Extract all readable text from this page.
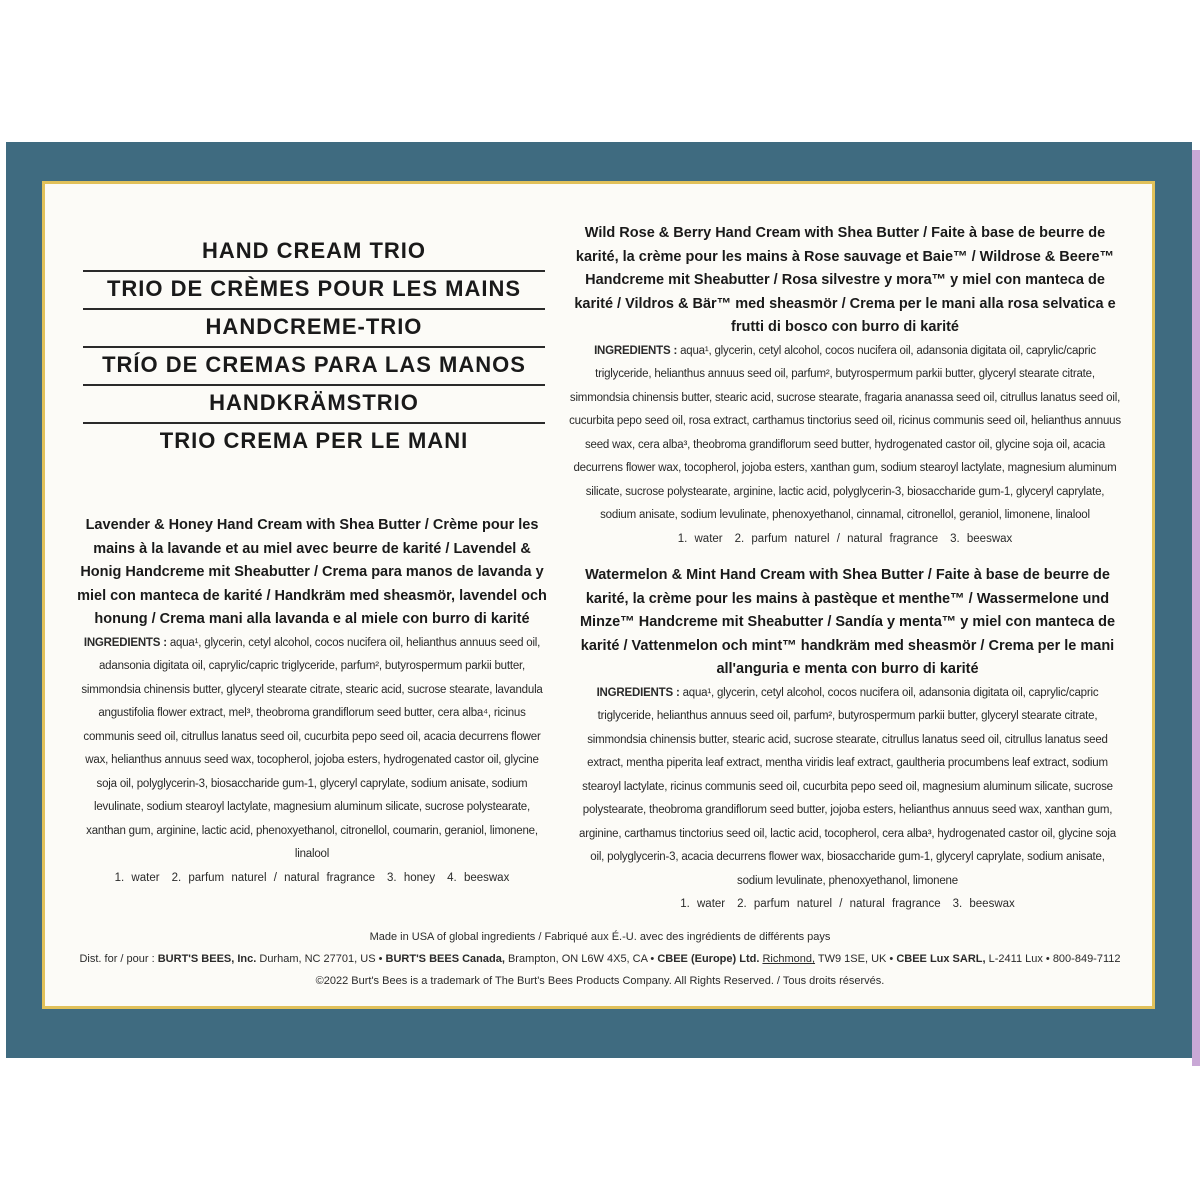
HAND CREAM TRIO
TRIO DE CRÈMES POUR LES MAINS
HANDCREME-TRIO
TRÍO DE CREMAS PARA LAS MANOS
HANDKRÄMSTRIO
TRIO CREMA PER LE MANI

Lavender & Honey Hand Cream with Shea Butter / Crème pour les mains à la lavande et au miel avec beurre de karité / Lavendel & Honig Handcreme mit Sheabutter / Crema para manos de lavanda y miel con manteca de karité / Handkräm med sheasmör, lavendel och honung / Crema mani alla lavanda e al miele con burro di karité

INGREDIENTS : aqua¹, glycerin, cetyl alcohol, cocos nucifera oil, helianthus annuus seed oil, adansonia digitata oil, caprylic/capric triglyceride, parfum², butyrospermum parkii butter, simmondsia chinensis butter, glyceryl stearate citrate, stearic acid, sucrose stearate, lavandula angustifolia flower extract, mel³, theobroma grandiflorum seed butter, cera alba⁴, ricinus communis seed oil, citrullus lanatus seed oil, cucurbita pepo seed oil, acacia decurrens flower wax, helianthus annuus seed wax, tocopherol, jojoba esters, hydrogenated castor oil, glycine soja oil, polyglycerin-3, biosaccharide gum-1, glyceryl caprylate, sodium anisate, sodium levulinate, sodium stearoyl lactylate, magnesium aluminum silicate, sucrose polystearate, xanthan gum, arginine, lactic acid, phenoxyethanol, citronellol, coumarin, geraniol, limonene, linalool

1. water 2. parfum naturel / natural fragrance 3. honey 4. beeswax

Wild Rose & Berry Hand Cream with Shea Butter / Faite à base de beurre de karité, la crème pour les mains à Rose sauvage et Baie™ / Wildrose & Beere™ Handcreme mit Sheabutter / Rosa silvestre y mora™ y miel con manteca de karité / Vildros & Bär™ med sheasmör / Crema per le mani alla rosa selvatica e frutti di bosco con burro di karité

INGREDIENTS : aqua¹, glycerin, cetyl alcohol, cocos nucifera oil, adansonia digitata oil, caprylic/capric triglyceride, helianthus annuus seed oil, parfum², butyrospermum parkii butter, glyceryl stearate citrate, simmondsia chinensis butter, stearic acid, sucrose stearate, fragaria ananassa seed oil, citrullus lanatus seed oil, cucurbita pepo seed oil, rosa extract, carthamus tinctorius seed oil, ricinus communis seed oil, helianthus annuus seed wax, cera alba³, theobroma grandiflorum seed butter, hydrogenated castor oil, glycine soja oil, acacia decurrens flower wax, tocopherol, jojoba esters, xanthan gum, sodium stearoyl lactylate, magnesium aluminum silicate, sucrose polystearate, arginine, lactic acid, polyglycerin-3, biosaccharide gum-1, glyceryl caprylate, sodium anisate, sodium levulinate, phenoxyethanol, cinnamal, citronellol, geraniol, limonene, linalool

1. water 2. parfum naturel / natural fragrance 3. beeswax

Watermelon & Mint Hand Cream with Shea Butter / Faite à base de beurre de karité, la crème pour les mains à pastèque et menthe™ / Wassermelone und Minze™ Handcreme mit Sheabutter / Sandía y menta™ y miel con manteca de karité / Vattenmelon och mint™ handkräm med sheasmör / Crema per le mani all'anguria e menta con burro di karité

INGREDIENTS : aqua¹, glycerin, cetyl alcohol, cocos nucifera oil, adansonia digitata oil, caprylic/capric triglyceride, helianthus annuus seed oil, parfum², butyrospermum parkii butter, glyceryl stearate citrate, simmondsia chinensis butter, stearic acid, sucrose stearate, citrullus lanatus seed oil, citrullus lanatus seed extract, mentha piperita leaf extract, mentha viridis leaf extract, gaultheria procumbens leaf extract, sodium stearoyl lactylate, ricinus communis seed oil, cucurbita pepo seed oil, magnesium aluminum silicate, sucrose polystearate, theobroma grandiflorum seed butter, jojoba esters, helianthus annuus seed wax, xanthan gum, arginine, carthamus tinctorius seed oil, lactic acid, tocopherol, cera alba³, hydrogenated castor oil, glycine soja oil, polyglycerin-3, acacia decurrens flower wax, biosaccharide gum-1, glyceryl caprylate, sodium anisate, sodium levulinate, phenoxyethanol, limonene

1. water 2. parfum naturel / natural fragrance 3. beeswax

Made in USA of global ingredients / Fabriqué aux É.-U. avec des ingrédients de différents pays
Dist. for / pour : BURT'S BEES, Inc. Durham, NC 27701, US • BURT'S BEES Canada, Brampton, ON L6W 4X5, CA • CBEE (Europe) Ltd. Richmond, TW9 1SE, UK • CBEE Lux SARL, L-2411 Lux • 800-849-7112
©2022 Burt's Bees is a trademark of The Burt's Bees Products Company. All Rights Reserved. / Tous droits réservés.
